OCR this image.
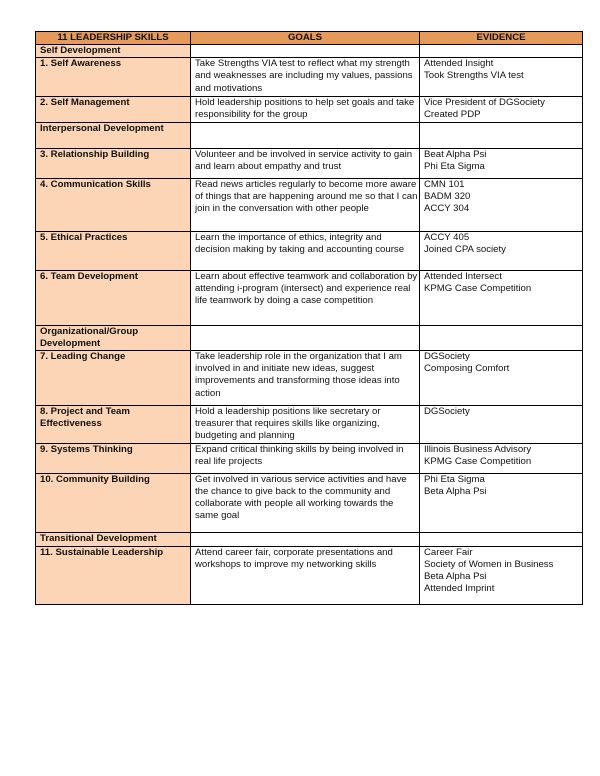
11 LEADERSHIP SKILLS	GOALS	EVIDENCE
Self Development		
1. Self Awareness	Take Strengths VIA test to reflect what my strength and weaknesses are including my values, passions and motivations	Attended Insight
Took Strengths VIA test

2. Self Management	Hold leadership positions to help set goals and take responsibility for the group	Vice President of DGSociety
Created PDP

Interpersonal Development		
3. Relationship Building	Volunteer and be involved in service activity to gain and learn about empathy and trust	Beat Alpha Psi
Phi Eta Sigma

4. Communication Skills	Read news articles regularly to become more aware of things that are happening around me so that I can join in the conversation with other people	CMN 101
BADM 320
ACCY 304

5. Ethical Practices	Learn the importance of ethics, integrity and decision making by taking and accounting course	ACCY 405
Joined CPA society

6. Team Development	Learn about effective teamwork and collaboration by attending i-program (intersect) and experience real life teamwork by doing a case competition	Attended Intersect
KPMG Case Competition

Organizational/Group Development		
7. Leading Change	Take leadership role in the organization that I am involved in and initiate new ideas, suggest improvements and transforming those ideas into action	DGSociety
Composing Comfort

8. Project and Team Effectiveness	Hold a leadership positions like secretary or treasurer that requires skills like organizing, budgeting and planning	DGSociety

9. Systems Thinking	Expand critical thinking skills by being involved in real life projects	Illinois Business Advisory
KPMG Case Competition

10. Community Building	Get involved in various service activities and have the chance to give back to the community and collaborate with people all working towards the same goal	Phi Eta Sigma
Beta Alpha Psi

Transitional Development		
11. Sustainable Leadership	Attend career fair, corporate presentations and workshops to improve my networking skills	Career Fair
Society of Women in Business
Beta Alpha Psi
Attended Imprint
